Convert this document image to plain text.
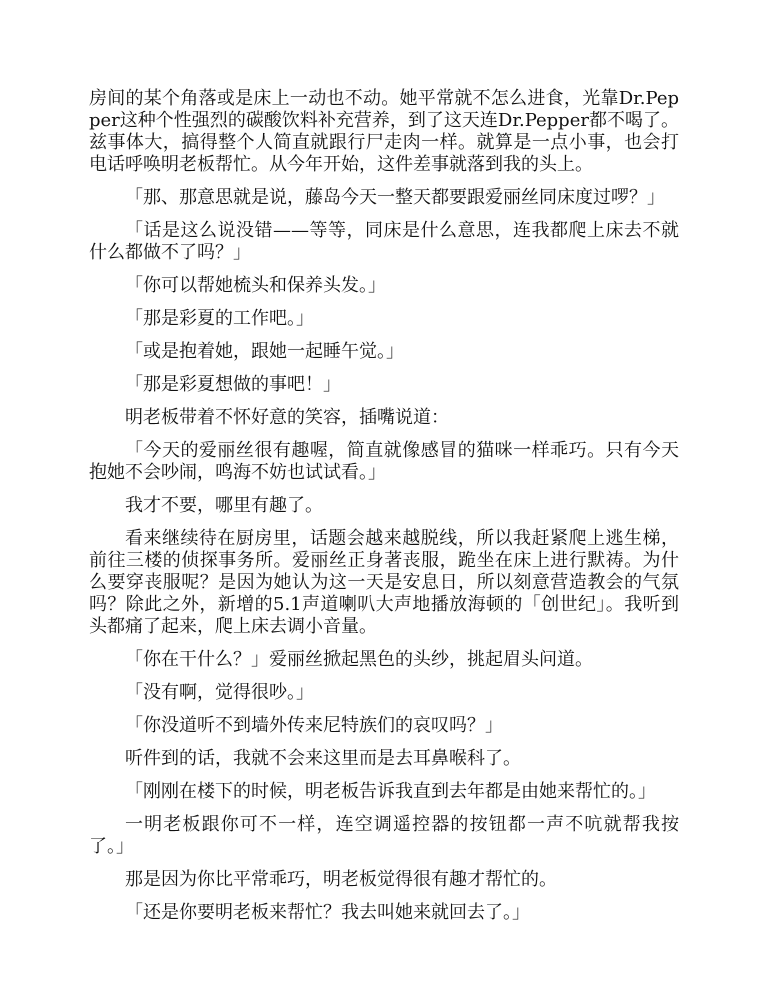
房间的某个角落或是床上一动也不动。她平常就不怎么进食，光靠Dr.Pepper这种个性强烈的碳酸饮料补充营养，到了这天连Dr.Pepper都不喝了。兹事体大，搞得整个人简直就跟行尸走肉一样。就算是一点小事，也会打电话呼唤明老板帮忙。从今年开始，这件差事就落到我的头上。

「那、那意思就是说，藤岛今天一整天都要跟爱丽丝同床度过啰？」

「话是这么说没错——等等，同床是什么意思，连我都爬上床去不就什么都做不了吗？」

「你可以帮她梳头和保养头发。」

「那是彩夏的工作吧。」

「或是抱着她，跟她一起睡午觉。」

「那是彩夏想做的事吧！」

明老板带着不怀好意的笑容，插嘴说道：

「今天的爱丽丝很有趣喔，简直就像感冒的猫咪一样乖巧。只有今天抱她不会吵闹，鸣海不妨也试试看。」

我才不要，哪里有趣了。

看来继续待在厨房里，话题会越来越脱线，所以我赶紧爬上逃生梯，前往三楼的侦探事务所。爱丽丝正身著丧服，跪坐在床上进行默祷。为什么要穿丧服呢？是因为她认为这一天是安息日，所以刻意营造教会的气氛吗？除此之外，新增的5.1声道喇叭大声地播放海顿的「创世纪」。我听到头都痛了起来，爬上床去调小音量。

「你在干什么？」爱丽丝掀起黑色的头纱，挑起眉头问道。

「没有啊，觉得很吵。」

「你没道听不到墙外传来尼特族们的哀叹吗？」

听件到的话，我就不会来这里而是去耳鼻喉科了。

「刚刚在楼下的时候，明老板告诉我直到去年都是由她来帮忙的。」

一明老板跟你可不一样，连空调遥控器的按钮都一声不吭就帮我按了。」

那是因为你比平常乖巧，明老板觉得很有趣才帮忙的。

「还是你要明老板来帮忙？我去叫她来就回去了。」
